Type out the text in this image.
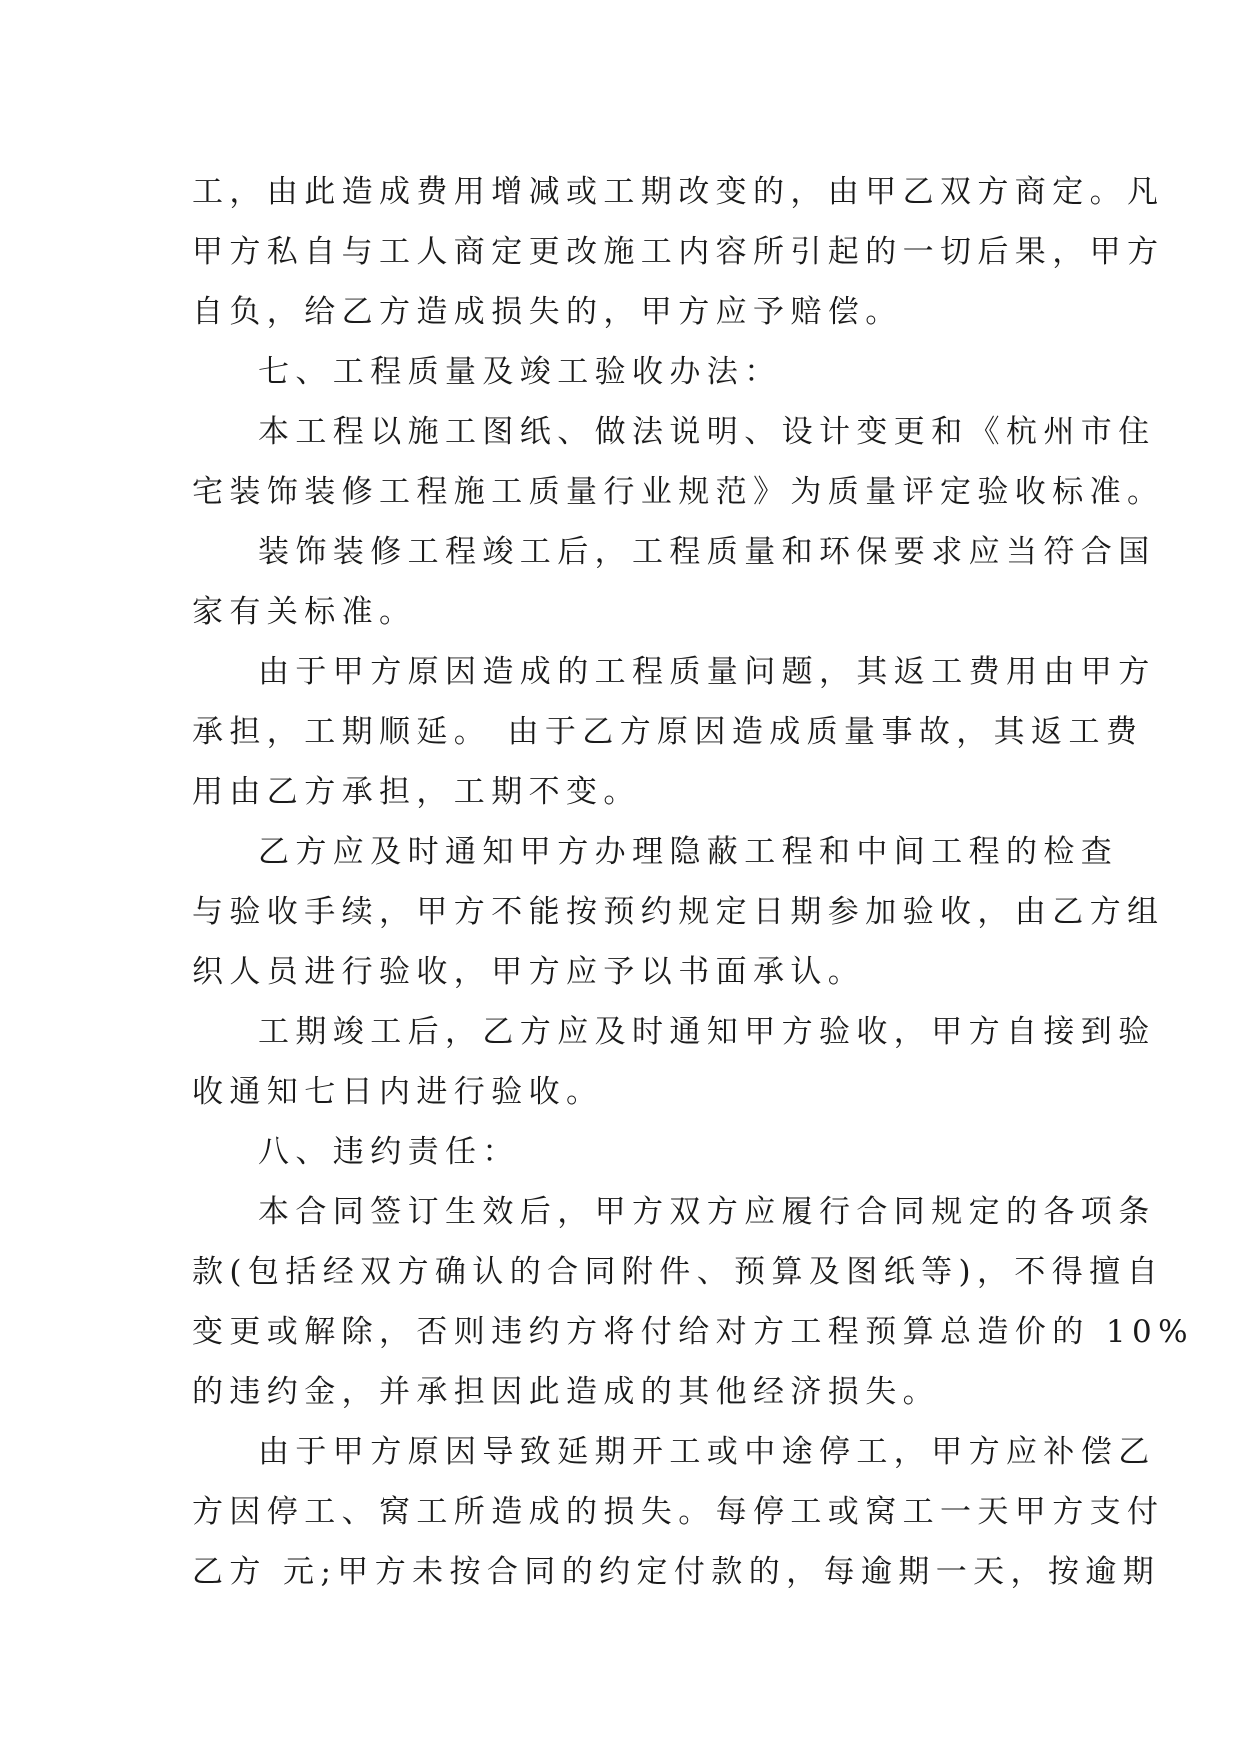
工，由此造成费用增减或工期改变的，由甲乙双方商定。凡
甲方私自与工人商定更改施工内容所引起的一切后果，甲方
自负，给乙方造成损失的，甲方应予赔偿。
七、工程质量及竣工验收办法：
本工程以施工图纸、做法说明、设计变更和《杭州市住
宅装饰装修工程施工质量行业规范》为质量评定验收标准。
装饰装修工程竣工后，工程质量和环保要求应当符合国
家有关标准。
由于甲方原因造成的工程质量问题，其返工费用由甲方
承担，工期顺延。 由于乙方原因造成质量事故，其返工费
用由乙方承担，工期不变。
乙方应及时通知甲方办理隐蔽工程和中间工程的检查
与验收手续，甲方不能按预约规定日期参加验收，由乙方组
织人员进行验收，甲方应予以书面承认。
工期竣工后，乙方应及时通知甲方验收，甲方自接到验
收通知七日内进行验收。
八、违约责任：
本合同签订生效后，甲方双方应履行合同规定的各项条
款(包括经双方确认的合同附件、预算及图纸等)，不得擅自
变更或解除，否则违约方将付给对方工程预算总造价的 10%
的违约金，并承担因此造成的其他经济损失。
由于甲方原因导致延期开工或中途停工，甲方应补偿乙
方因停工、窝工所造成的损失。每停工或窝工一天甲方支付
乙方 元;甲方未按合同的约定付款的，每逾期一天，按逾期
